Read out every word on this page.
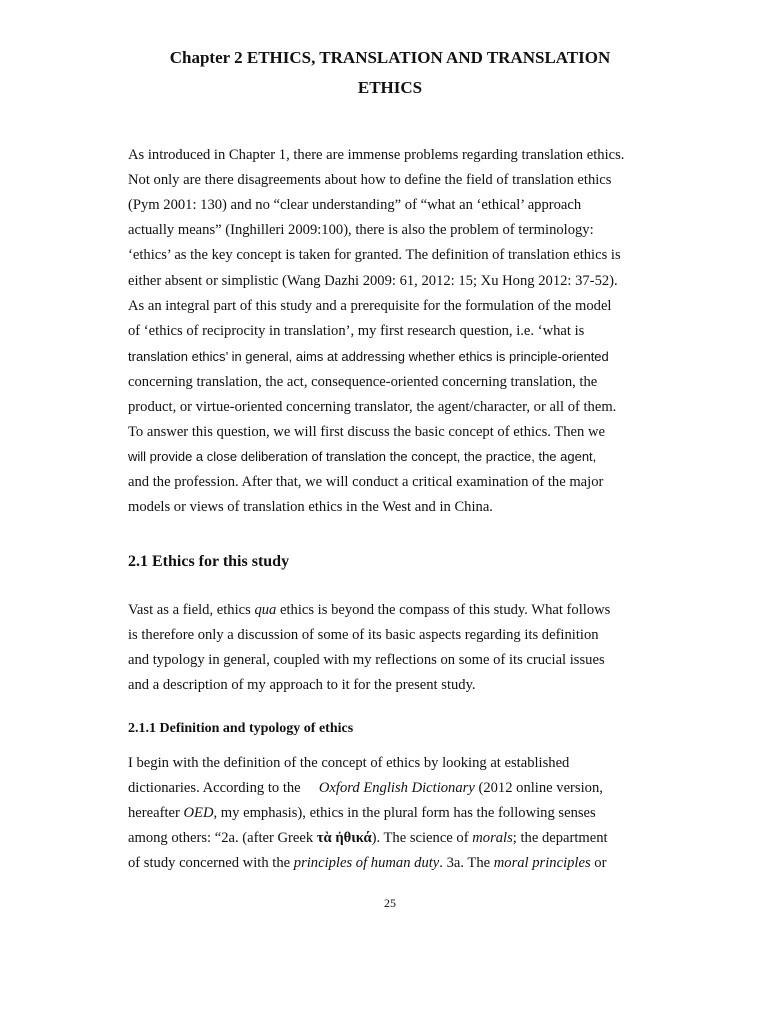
Chapter 2 ETHICS, TRANSLATION AND TRANSLATION
ETHICS
As introduced in Chapter 1, there are immense problems regarding translation ethics.
Not only are there disagreements about how to define the field of translation ethics
(Pym 2001: 130) and no “clear understanding” of “what an ‘ethical’ approach
actually means” (Inghilleri 2009:100), there is also the problem of terminology:
‘ethics’ as the key concept is taken for granted. The definition of translation ethics is
either absent or simplistic (Wang Dazhi 2009: 61, 2012: 15; Xu Hong 2012: 37-52).
As an integral part of this study and a prerequisite for the formulation of the model
of ‘ethics of reciprocity in translation’, my first research question, i.e. ‘what is
translation ethics’ in general, aims at addressing whether ethics is principle-oriented
concerning translation, the act, consequence-oriented concerning translation, the
product, or virtue-oriented concerning translator, the agent/character, or all of them.
To answer this question, we will first discuss the basic concept of ethics. Then we
will provide a close deliberation of translation the concept, the practice, the agent,
and the profession. After that, we will conduct a critical examination of the major
models or views of translation ethics in the West and in China.
2.1 Ethics for this study
Vast as a field, ethics qua ethics is beyond the compass of this study. What follows
is therefore only a discussion of some of its basic aspects regarding its definition
and typology in general, coupled with my reflections on some of its crucial issues
and a description of my approach to it for the present study.
2.1.1 Definition and typology of ethics
I begin with the definition of the concept of ethics by looking at established
dictionaries. According to the     Oxford English Dictionary (2012 online version,
hereafter OED, my emphasis), ethics in the plural form has the following senses
among others: “2a. (after Greek τὰ ἠθικά). The science of morals; the department
of study concerned with the principles of human duty. 3a. The moral principles or
25
